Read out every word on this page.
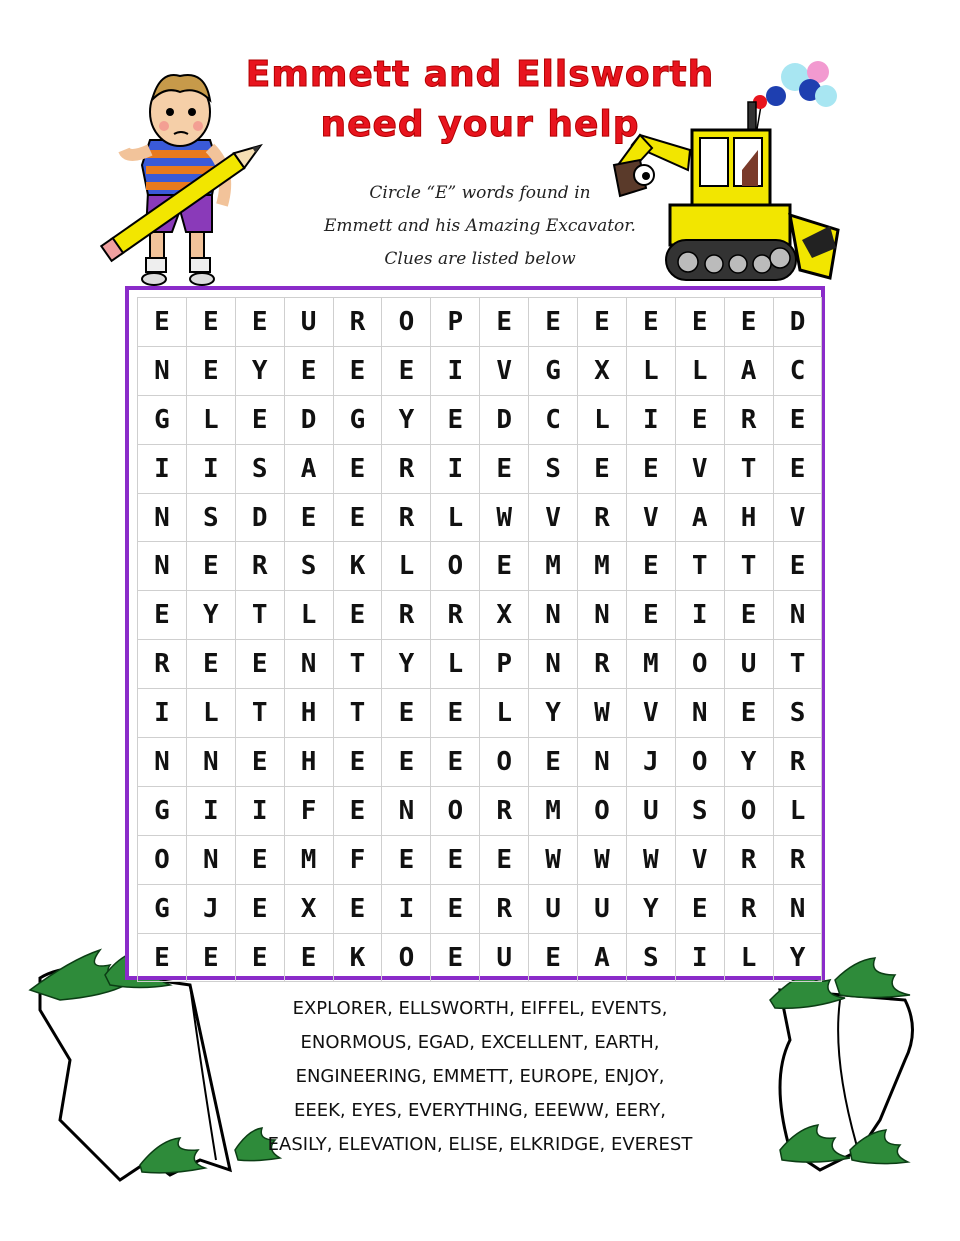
Emmett and Ellsworth
need your help
Circle “E” words found in
Emmett and his Amazing Excavator.
Clues are listed below
E	E	E	U	R	O	P	E	E	E	E	E	E	D
N	E	Y	E	E	E	I	V	G	X	L	L	A	C
G	L	E	D	G	Y	E	D	C	L	I	E	R	E
I	I	S	A	E	R	I	E	S	E	E	V	T	E
N	S	D	E	E	R	L	W	V	R	V	A	H	V
N	E	R	S	K	L	O	E	M	M	E	T	T	E
E	Y	T	L	E	R	R	X	N	N	E	I	E	N
R	E	E	N	T	Y	L	P	N	R	M	O	U	T
I	L	T	H	T	E	E	L	Y	W	V	N	E	S
N	N	E	H	E	E	E	O	E	N	J	O	Y	R
G	I	I	F	E	N	O	R	M	O	U	S	O	L
O	N	E	M	F	E	E	E	W	W	W	V	R	R
G	J	E	X	E	I	E	R	U	U	Y	E	R	N
E	E	E	E	K	O	E	U	E	A	S	I	L	Y
EXPLORER, ELLSWORTH, EIFFEL, EVENTS,
ENORMOUS, EGAD, EXCELLENT, EARTH,
ENGINEERING, EMMETT, EUROPE, ENJOY,
EEEK, EYES, EVERYTHING, EEEWW, EERY,
EASILY, ELEVATION, ELISE, ELKRIDGE, EVEREST
